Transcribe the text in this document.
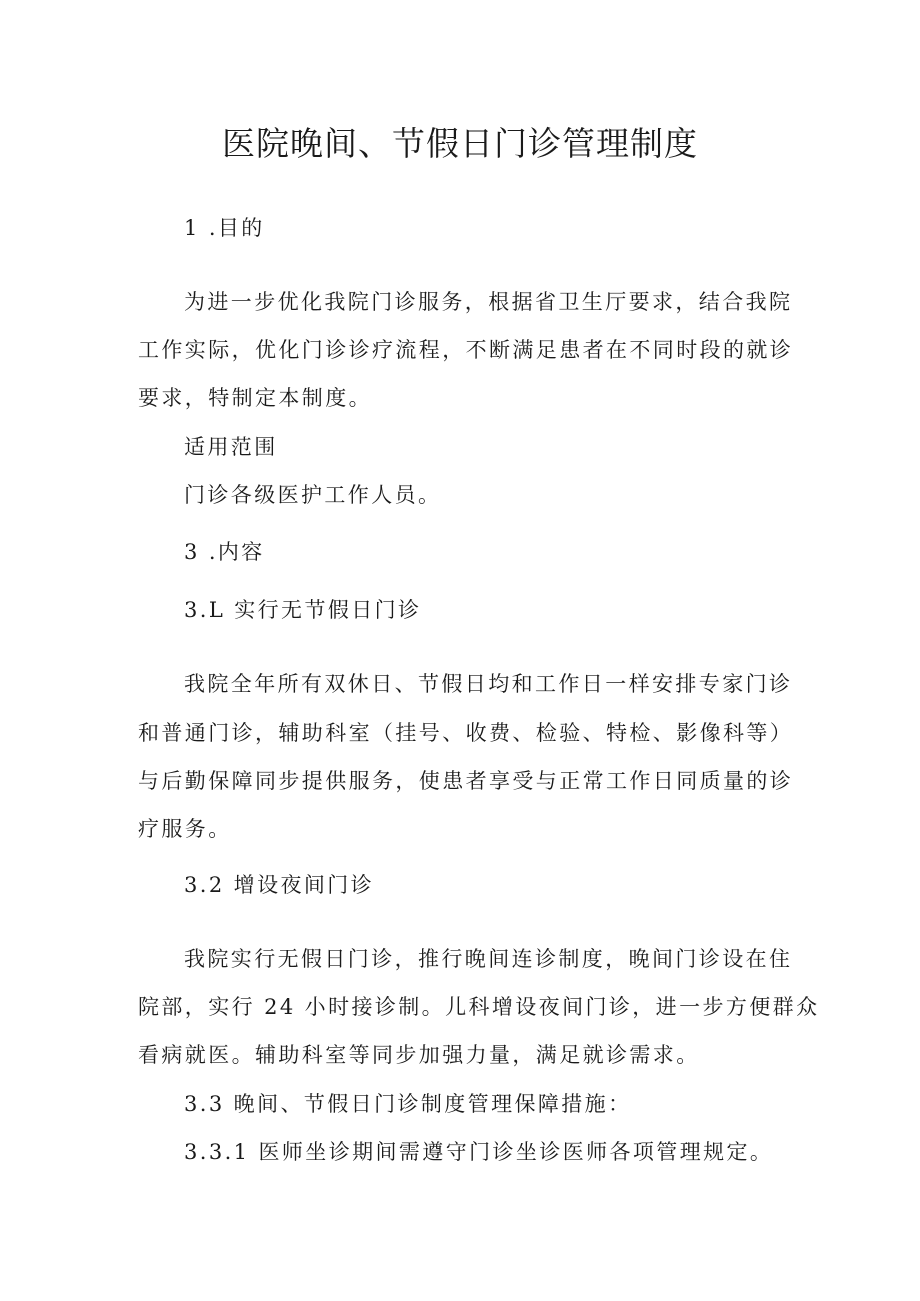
医院晚间、节假日门诊管理制度

1 .目的

为进一步优化我院门诊服务，根据省卫生厅要求，结合我院

工作实际，优化门诊诊疗流程，不断满足患者在不同时段的就诊

要求，特制定本制度。

适用范围

门诊各级医护工作人员。

3 .内容

3.L 实行无节假日门诊

我院全年所有双休日、节假日均和工作日一样安排专家门诊

和普通门诊，辅助科室（挂号、收费、检验、特检、影像科等）

与后勤保障同步提供服务，使患者享受与正常工作日同质量的诊

疗服务。

3.2 增设夜间门诊

我院实行无假日门诊，推行晚间连诊制度，晚间门诊设在住

院部，实行 24 小时接诊制。儿科增设夜间门诊，进一步方便群众

看病就医。辅助科室等同步加强力量，满足就诊需求。

3.3 晚间、节假日门诊制度管理保障措施：

3.3.1 医师坐诊期间需遵守门诊坐诊医师各项管理规定。
